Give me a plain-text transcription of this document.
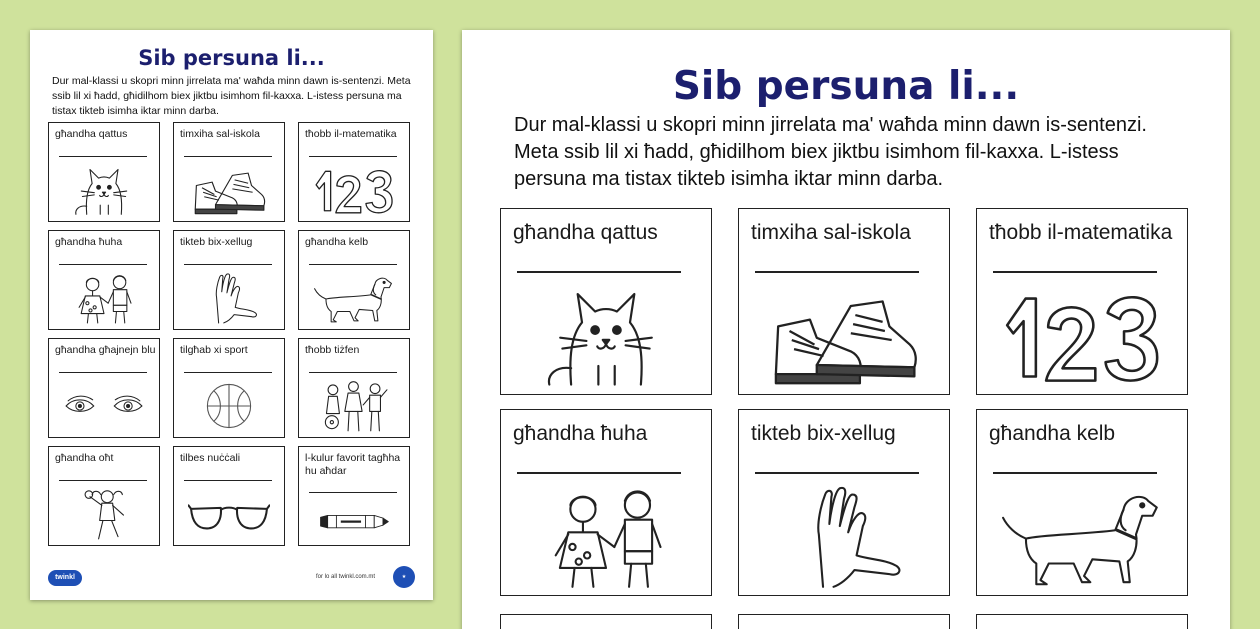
Sib persuna li...
Dur mal-klassi u skopri minn jirrelata ma' waħda minn dawn is-sentenzi. Meta ssib lil xi ħadd, għidilhom biex jiktbu isimhom fil-kaxxa. L-istess persuna ma tistax tikteb isimha iktar minn darba.
għandha qattus	timxiha sal-iskola	tħobb il-matematika
għandha ħuha	tikteb bix-xellug	għandha kelb
għandha għajnejn blu tilgħab xi sport	tħobb tiżfen
għandha oħt	tilbes nuċċali	l-kulur favorit tagħha hu aħdar
twinkl	for lo all twinkl.com.mt	★
Sib persuna li...
Dur mal-klassi u skopri minn jirrelata ma' waħda minn dawn is-sentenzi. Meta ssib lil xi ħadd, għidilhom biex jiktbu isimhom fil-kaxxa. L-istess persuna ma tistax tikteb isimha iktar minn darba.
għandha qattus	timxiha sal-iskola	tħobb il-matematika
għandha ħuha	tikteb bix-xellug	għandha kelb
